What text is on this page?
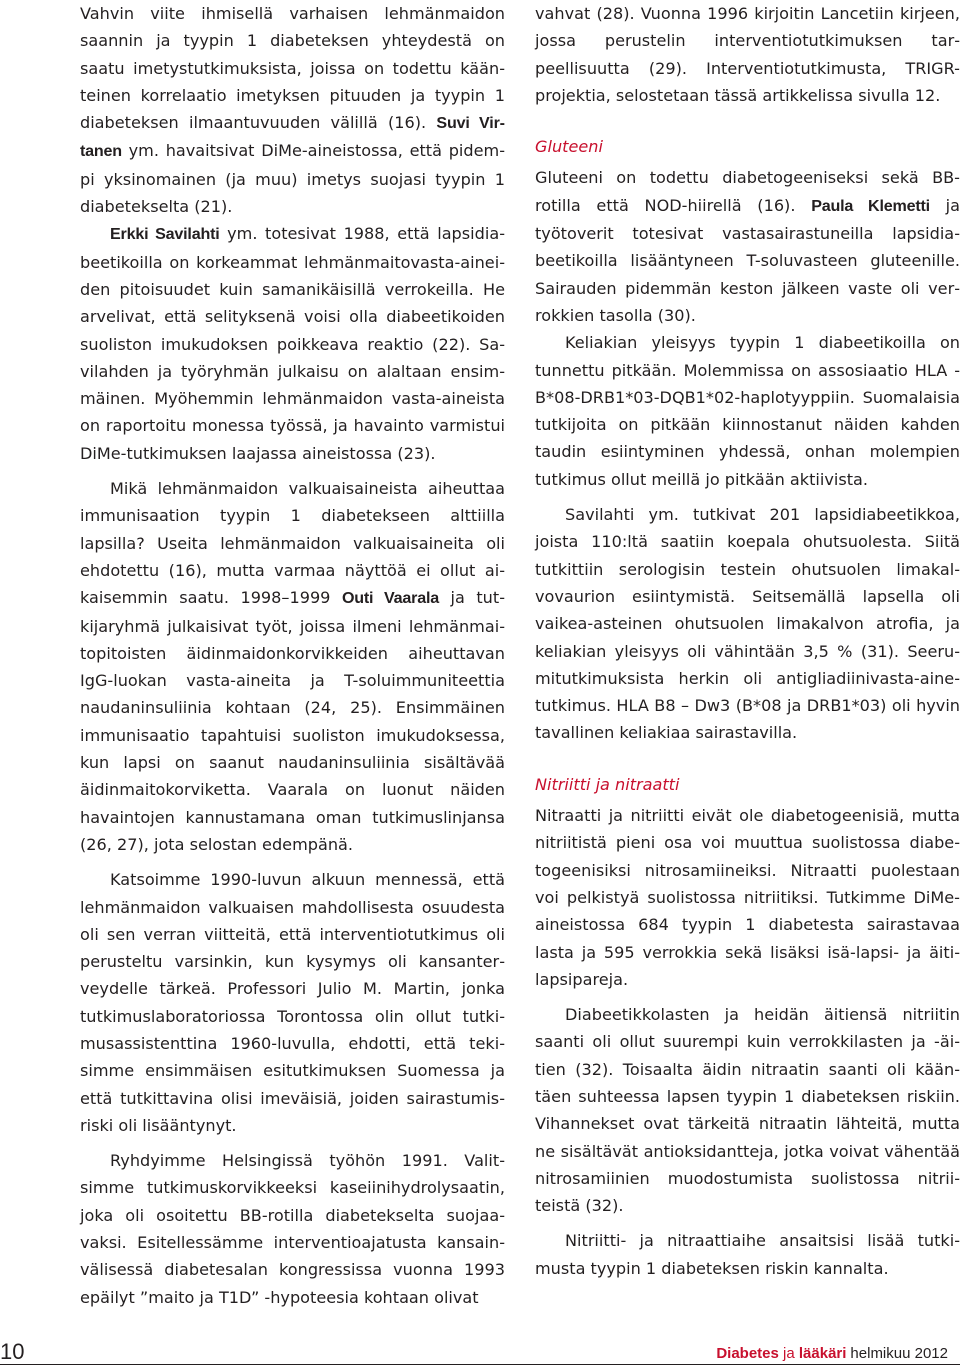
Vahvin viite ihmisellä varhaisen lehmänmaidon saannin ja tyypin 1 diabeteksen yhteydestä on saatu imetystutkimuksista, joissa on todettu käänteinen korrelaatio imetyksen pituuden ja tyypin 1 diabeteksen ilmaantuvuuden välillä (16). Suvi Virtanen ym. havaitsivat DiMe-aineistossa, että pidempi yksinomainen (ja muu) imetys suojasi tyypin 1 diabetekselta (21).

Erkki Savilahti ym. totesivat 1988, että lapsidiabeetikoilla on korkeammat lehmänmaitovasta-aineiden pitoisuudet kuin samanikäisillä verrokeilla. He arvelivat, että selityksenä voisi olla diabeetikoiden suoliston imukudoksen poikkeava reaktio (22). Savilahden ja työryhmän julkaisu on alaltaan ensimmäinen. Myöhemmin lehmänmaidon vasta-aineista on raportoitu monessa työssä, ja havainto varmistui DiMe-tutkimuksen laajassa aineistossa (23).

Mikä lehmänmaidon valkuaisaineista aiheuttaa immunisaation tyypin 1 diabetekseen alttiilla lapsilla? Useita lehmänmaidon valkuaisaineita oli ehdotettu (16), mutta varmaa näyttöä ei ollut aikaisemmin saatu. 1998–1999 Outi Vaarala ja tutkijaryhmä julkaisivat työt, joissa ilmeni lehmänmaitopitoisten äidinmaidonkorvikkeiden aiheuttavan IgG-luokan vasta-aineita ja T-soluimmuniteettia naudaninsuliinia kohtaan (24, 25). Ensimmäinen immunisaatio tapahtuisi suoliston imukudoksessa, kun lapsi on saanut naudaninsuliinia sisältävää äidinmaitokorviketta. Vaarala on luonut näiden havaintojen kannustamana oman tutkimuslinjansa (26, 27), jota selostan edempänä.

Katsoimme 1990-luvun alkuun mennessä, että lehmänmaidon valkuaisen mahdollisesta osuudesta oli sen verran viitteitä, että interventiotutkimus oli perusteltu varsinkin, kun kysymys oli kansanterveydelle tärkeä. Professori Julio M. Martin, jonka tutkimuslaboratoriossa Torontossa olin ollut tutkimusassistenttina 1960-luvulla, ehdotti, että tekisimme ensimmäisen esitutkimuksen Suomessa ja että tutkittavina olisi imeväisiä, joiden sairastumisriski oli lisääntynyt.

Ryhdyimme Helsingissä työhön 1991. Valitsimme tutkimuskorvikkeeksi kaseiinihydrolysaatin, joka oli osoitettu BB-rotilla diabetekselta suojaavaksi. Esitellessämme interventioajatusta kansainvälisessä diabetesalan kongressissa vuonna 1993 epäilyt ”maito ja T1D” -hypoteesia kohtaan olivat

vahvat (28). Vuonna 1996 kirjoitin Lancetiin kirjeen, jossa perustelin interventiotutkimuksen tarpeellisuutta (29). Interventiotutkimusta, TRIGR-projektia, selostetaan tässä artikkelissa sivulla 12.

Gluteeni

Gluteeni on todettu diabetogeeniseksi sekä BB-rotilla että NOD-hiirellä (16). Paula Klemetti ja työtoverit totesivat vastasairastuneilla lapsidiabeetikoilla lisääntyneen T-soluvasteen gluteenille. Sairauden pidemmän keston jälkeen vaste oli verrokkien tasolla (30).

Keliakian yleisyys tyypin 1 diabeetikoilla on tunnettu pitkään. Molemmissa on assosiaatio HLA -B*08-DRB1*03-DQB1*02-haplotyyppiin. Suomalaisia tutkijoita on pitkään kiinnostanut näiden kahden taudin esiintyminen yhdessä, onhan molempien tutkimus ollut meillä jo pitkään aktiivista.

Savilahti ym. tutkivat 201 lapsidiabeetikkoa, joista 110:ltä saatiin koepala ohutsuolesta. Siitä tutkittiin serologisin testein ohutsuolen limakalvovaurion esiintymistä. Seitsemällä lapsella oli vaikea-asteinen ohutsuolen limakalvon atrofia, ja keliakian yleisyys oli vähintään 3,5 % (31). Seerumitutkimuksista herkin oli antigliadiinivasta-ainetutkimus. HLA B8 – Dw3 (B*08 ja DRB1*03) oli hyvin tavallinen keliakiaa sairastavilla.

Nitriitti ja nitraatti

Nitraatti ja nitriitti eivät ole diabetogeenisiä, mutta nitriitistä pieni osa voi muuttua suolistossa diabetogeenisiksi nitrosamiineiksi. Nitraatti puolestaan voi pelkistyä suolistossa nitriitiksi. Tutkimme DiMe-aineistossa 684 tyypin 1 diabetesta sairastavaa lasta ja 595 verrokkia sekä lisäksi isä-lapsi- ja äitilapsipareja.

Diabeetikkolasten ja heidän äitiensä nitriitin saanti oli ollut suurempi kuin verrokkilasten ja -äitien (32). Toisaalta äidin nitraatin saanti oli kääntäen suhteessa lapsen tyypin 1 diabeteksen riskiin. Vihannekset ovat tärkeitä nitraatin lähteitä, mutta ne sisältävät antioksidantteja, jotka voivat vähentää nitrosamiinien muodostumista suolistossa nitriiteistä (32).

Nitriitti- ja nitraattiaihe ansaitsisi lisää tutkimusta tyypin 1 diabeteksen riskin kannalta.

10	Diabetes ja lääkäri helmikuu 2012
